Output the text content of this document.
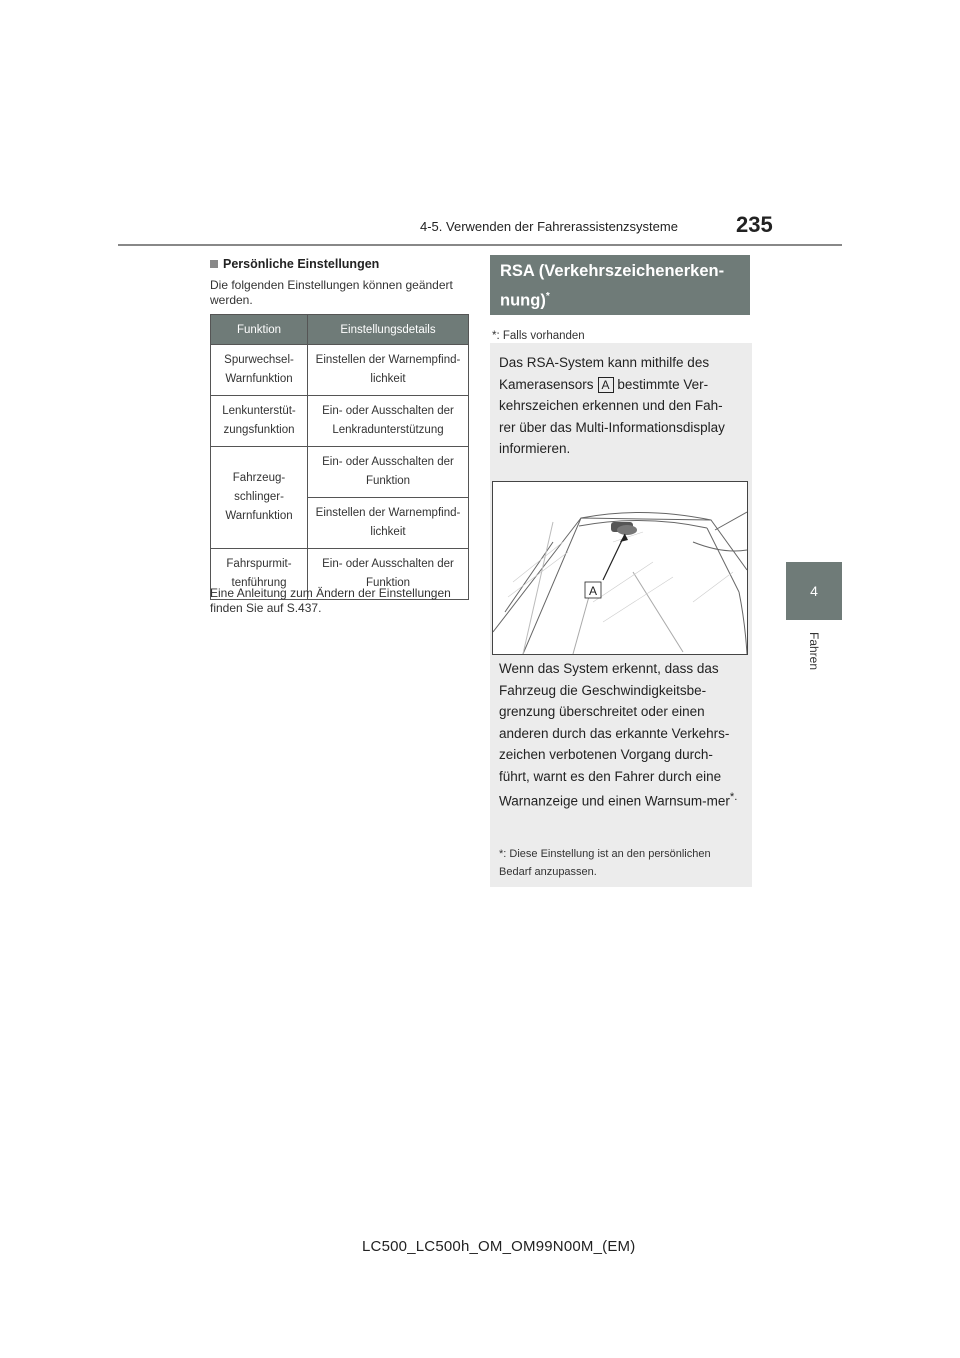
4-5. Verwenden der Fahrerassistenzsysteme	235
4
Fahren
Persönliche Einstellungen
Die folgenden Einstellungen können geändert werden.
Funktion	Einstellungsdetails
Spurwechsel-Warnfunktion	Einstellen der Warnempfind-lichkeit
Lenkunterstüt-zungsfunktion	Ein- oder Ausschalten der Lenkradunterstützung
Fahrzeug-schlinger-Warnfunktion	Ein- oder Ausschalten der Funktion
	Einstellen der Warnempfind-lichkeit
Fahrspurmit-tenführung	Ein- oder Ausschalten der Funktion
Eine Anleitung zum Ändern der Einstellungen finden Sie auf S.437.
RSA (Verkehrszeichenerken-
nung)*
*: Falls vorhanden
Das RSA-System kann mithilfe des Kamerasensors A bestimmte Ver-kehrszeichen erkennen und den Fah-rer über das Multi-Informationsdisplay informieren.
A
Wenn das System erkennt, dass das Fahrzeug die Geschwindigkeitsbe-grenzung überschreitet oder einen anderen durch das erkannte Verkehrs-zeichen verbotenen Vorgang durch-führt, warnt es den Fahrer durch eine Warnanzeige und einen Warnsum-mer*.
*: Diese Einstellung ist an den persönlichen Bedarf anzupassen.
LC500_LC500h_OM_OM99N00M_(EM)
